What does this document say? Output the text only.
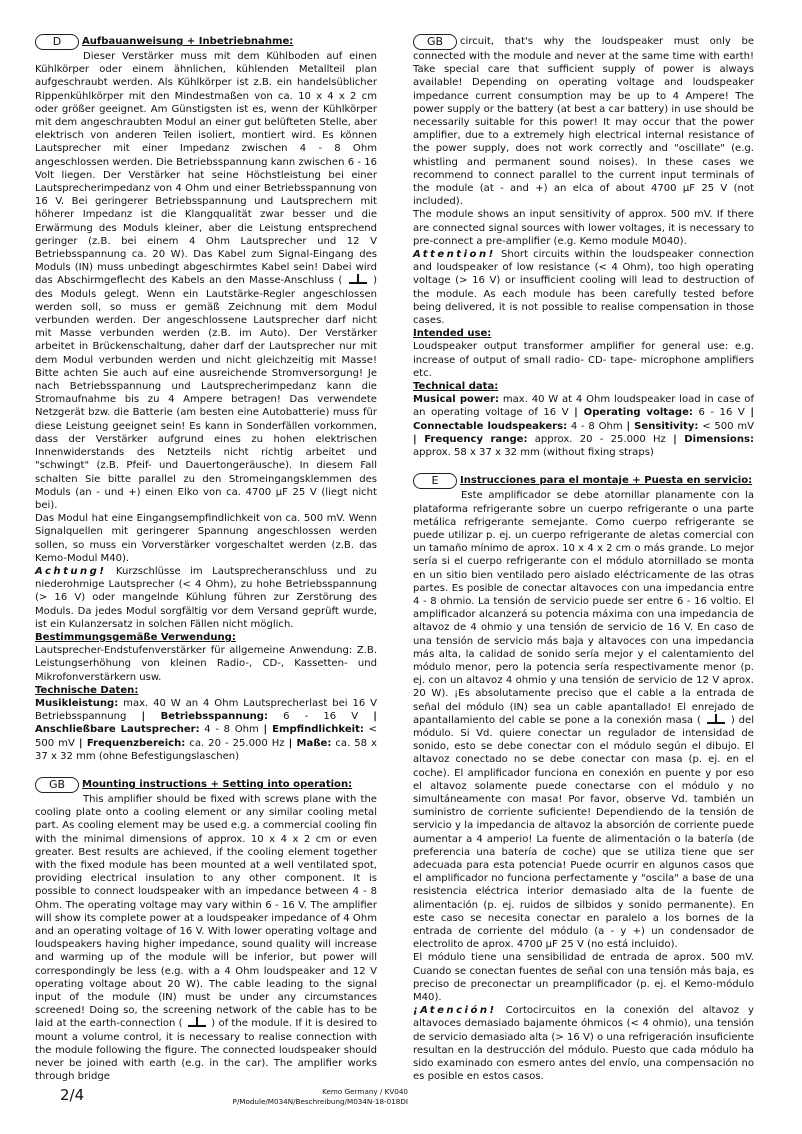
D Aufbauanweisung + Inbetriebnahme:
Dieser Verstärker muss mit dem Kühlboden auf einen Kühlkörper oder einem ähnlichen, kühlenden Metallteil plan aufgeschraubt werden. Als Kühlkörper ist z.B. ein handelsüblicher Rippenkühlkörper mit den Mindestmaßen von ca. 10 x 4 x 2 cm oder größer geeignet. Am Günstigsten ist es, wenn der Kühlkörper mit dem angeschraubten Modul an einer gut belüfteten Stelle, aber elektrisch von anderen Teilen isoliert, montiert wird. Es können Lautsprecher mit einer Impedanz zwischen 4 - 8 Ohm angeschlossen werden. Die Betriebsspannung kann zwischen 6 - 16 Volt liegen. Der Verstärker hat seine Höchstleistung bei einer Lautsprecherimpedanz von 4 Ohm und einer Betriebsspannung von 16 V. Bei geringerer Betriebsspannung und Lautsprechern mit höherer Impedanz ist die Klangqualität zwar besser und die Erwärmung des Moduls kleiner, aber die Leistung entsprechend geringer (z.B. bei einem 4 Ohm Lautsprecher und 12 V Betriebsspannung ca. 20 W). Das Kabel zum Signal-Eingang des Moduls (IN) muss unbedingt abgeschirmtes Kabel sein! Dabei wird das Abschirmgeflecht des Kabels an den Masse-Anschluss (	) des Moduls gelegt. Wenn ein Lautstärke-Regler angeschlossen werden soll, so muss er gemäß Zeichnung mit dem Modul verbunden werden. Der angeschlossene Lautsprecher darf nicht mit Masse verbunden werden (z.B. im Auto). Der Verstärker arbeitet in Brückenschaltung, daher darf der Lautsprecher nur mit dem Modul verbunden werden und nicht gleichzeitig mit Masse! Bitte achten Sie auch auf eine ausreichende Stromversorgung! Je nach Betriebsspannung und Lautsprecherimpedanz kann die Stromaufnahme bis zu 4 Ampere betragen! Das verwendete Netzgerät bzw. die Batterie (am besten eine Autobatterie) muss für diese Leistung geeignet sein! Es kann in Sonderfällen vorkommen, dass der Verstärker aufgrund eines zu hohen elektrischen Innenwiderstands des Netzteils nicht richtig arbeitet und "schwingt" (z.B. Pfeif- und Dauertongeräusche). In diesem Fall schalten Sie bitte parallel zu den Stromeingangsklemmen des Moduls (an - und +) einen Elko von ca. 4700 µF 25 V (liegt nicht bei).

Das Modul hat eine Eingangsempfindlichkeit von ca. 500 mV. Wenn Signalquellen mit geringerer Spannung angeschlossen werden sollen, so muss ein Vorverstärker vorgeschaltet werden (z.B. das Kemo-Modul M40).

Achtung! Kurzschlüsse im Lautsprecheranschluss und zu niederohmige Lautsprecher (< 4 Ohm), zu hohe Betriebsspannung (> 16 V) oder mangelnde Kühlung führen zur Zerstörung des Moduls. Da jedes Modul sorgfältig vor dem Versand geprüft wurde, ist ein Kulanzersatz in solchen Fällen nicht möglich.

Bestimmungsgemäße Verwendung:

Lautsprecher-Endstufenverstärker für allgemeine Anwendung: Z.B. Leistungserhöhung von kleinen Radio-, CD-, Kassetten- und Mikrofonverstärkern usw.

Technische Daten:

Musikleistung: max. 40 W an 4 Ohm Lautsprecherlast bei 16 V Betriebsspannung | Betriebsspannung: 6 - 16 V | Anschließbare Lautsprecher: 4 - 8 Ohm | Empfindlichkeit: < 500 mV | Frequenzbereich: ca. 20 - 25.000 Hz | Maße: ca. 58 x 37 x 32 mm (ohne Befestigungslaschen)

GB Mounting instructions + Setting into operation:
This amplifier should be fixed with screws plane with the cooling plate onto a cooling element or any similar cooling metal part. As cooling element may be used e.g. a commercial cooling fin with the minimal dimensions of approx. 10 x 4 x 2 cm or even greater. Best results are achieved, if the cooling element together with the fixed module has been mounted at a well ventilated spot, providing electrical insulation to any other component. It is possible to connect loudspeaker with an impedance between 4 - 8 Ohm. The operating voltage may vary within 6 - 16 V. The amplifier will show its complete power at a loudspeaker impedance of 4 Ohm and an operating voltage of 16 V. With lower operating voltage and loudspeakers having higher impedance, sound quality will increase and warming up of the module will be inferior, but power will correspondingly be less (e.g. with a 4 Ohm loudspeaker and 12 V operating voltage about 20 W). The cable leading to the signal input of the module (IN) must be under any circumstances screened! Doing so, the screening network of the cable has to be laid at the earth-connection (	) of the module. If it is desired to mount a volume control, it is necessary to realise connection with the module following the figure. The connected loudspeaker should never be joined with earth (e.g. in the car). The amplifier works through bridge

GB circuit, that's why the loudspeaker must only be connected with the module and never at the same time with earth! Take special care that sufficient supply of power is always available! Depending on operating voltage and loudspeaker impedance current consumption may be up to 4 Ampere! The power supply or the battery (at best a car battery) in use should be necessarily suitable for this power! It may occur that the power amplifier, due to a extremely high electrical internal resistance of the power supply, does not work correctly and "oscillate" (e.g. whistling and permanent sound noises). In these cases we recommend to connect parallel to the current input terminals of the module (at - and +) an elca of about 4700 µF 25 V (not included).

The module shows an input sensitivity of approx. 500 mV. If there are connected signal sources with lower voltages, it is necessary to pre-connect a pre-amplifier (e.g. Kemo module M040).

Attention! Short circuits within the loudspeaker connection and loudspeaker of low resistance (< 4 Ohm), too high operating voltage (> 16 V) or insufficient cooling will lead to destruction of the module. As each module has been carefully tested before being delivered, it is not possible to realise compensation in those cases.

Intended use:

Loudspeaker output transformer amplifier for general use: e.g. increase of output of small radio- CD- tape- microphone amplifiers etc.

Technical data:

Musical power: max. 40 W at 4 Ohm loudspeaker load in case of an operating voltage of 16 V | Operating voltage: 6 - 16 V | Connectable loudspeakers: 4 - 8 Ohm | Sensitivity: < 500 mV | Frequency range: approx. 20 - 25.000 Hz | Dimensions: approx. 58 x 37 x 32 mm (without fixing straps)

E Instrucciones para el montaje + Puesta en servicio:
Este amplificador se debe atornillar planamente con la plataforma refrigerante sobre un cuerpo refrigerante o una parte metálica refrigerante semejante. Como cuerpo refrigerante se puede utilizar p. ej. un cuerpo refrigerante de aletas comercial con un tamaño mínimo de aprox. 10 x 4 x 2 cm o más grande. Lo mejor sería si el cuerpo refrigerante con el módulo atornillado se monta en un sitio bien ventilado pero aislado eléctricamente de las otras partes. Es posible de conectar altavoces con una impedancia entre 4 - 8 ohmio. La tensión de servicio puede ser entre 6 - 16 voltio. El amplificador alcanzerá su potencia máxima con una impedancia de altavoz de 4 ohmio y una tensión de servicio de 16 V. En caso de una tensión de servicio más baja y altavoces con una impedancia más alta, la calidad de sonido sería mejor y el calentamiento del módulo menor, pero la potencia sería respectivamente menor (p. ej. con un altavoz 4 ohmio y una tensión de servicio de 12 V aprox. 20 W). ¡Es absolutamente preciso que el cable a la entrada de señal del módulo (IN) sea un cable apantallado! El enrejado de apantallamiento del cable se pone a la conexión masa (	) del módulo. Si Vd. quiere conectar un regulador de intensidad de sonido, esto se debe conectar con el módulo según el dibujo. El altavoz conectado no se debe conectar con masa (p. ej. en el coche). El amplificador funciona en conexión en puente y por eso el altavoz solamente puede conectarse con el módulo y no simultáneamente con masa! Por favor, observe Vd. también un suministro de corriente suficiente! Dependiendo de la tensión de servicio y la impedancia de altavoz la absorción de corriente puede aumentar a 4 amperio! La fuente de alimentación o la batería (de preferencia una batería de coche) que se utiliza tiene que ser adecuada para esta potencia! Puede ocurrir en algunos casos que el amplificador no funciona perfectamente y "oscila" a base de una resistencia eléctrica interior demasiado alta de la fuente de alimentación (p. ej. ruidos de silbidos y sonido permanente). En este caso se necesita conectar en paralelo a los bornes de la entrada de corriente del módulo (a - y +) un condensador de electrolito de aprox. 4700 µF 25 V (no está incluido).

El módulo tiene una sensibilidad de entrada de aprox. 500 mV. Cuando se conectan fuentes de señal con una tensión más baja, es preciso de preconectar un preamplificador (p. ej. el Kemo-módulo M40).

¡Atención! Cortocircuitos en la conexión del altavoz y altavoces demasiado bajamente óhmicos (< 4 ohmio), una tensión de servicio demasiado alta (> 16 V) o una refrigeración insuficiente resultan en la destrucción del módulo. Puesto que cada módulo ha sido examinado con esmero antes del envío, una compensación no es posible en estos casos.

2/4	Kemo Germany / KV040
P/Module/M034N/Beschreibung/M034N-18-018DI
